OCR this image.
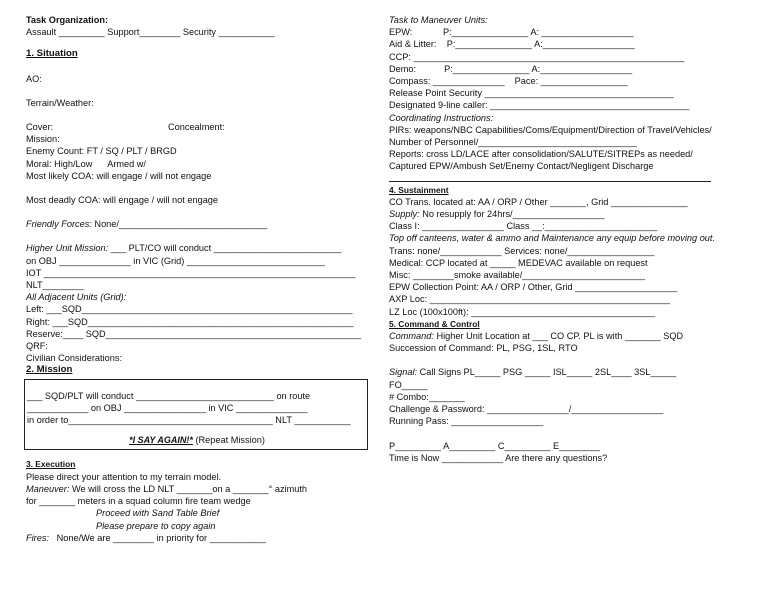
Task Organization:
Assault _________ Support________ Security ___________
1. Situation
AO:
Terrain/Weather:
Cover:	Concealment:
Mission:
Enemy Count: FT / SQ / PLT / BRGD
Moral: High/Low      Armed w/
Most likely COA: will engage / will not engage
Most deadly COA: will engage / will not engage
Friendly Forces: None/_____________________________
Higher Unit Mission: ___ PLT/CO will conduct _________________________
on OBJ ______________ in VIC (Grid) ___________________________
IOT _____________________________________________________________
NLT________
All Adjacent Units (Grid):
Left: ___SQD_____________________________________________________
Right: ___SQD____________________________________________________
Reserve:____ SQD__________________________________________________
QRF:
Civilian Considerations:
2. Mission
___ SQD/PLT will conduct ___________________________ on route
____________ on OBJ ________________ in VIC ______________
in order to________________________________________ NLT ___________
*I SAY AGAIN!* (Repeat Mission)
3. Execution
Please direct your attention to my terrain model.
Maneuver: We will cross the LD NLT _______on a _______° azimuth
for _______ meters in a squad column fire team wedge
Proceed with Sand Table Brief
Please prepare to copy again
Fires:   None/We are ________ in priority for ___________
Task to Maneuver Units:
EPW:            P:_______________ A: __________________
Aid & Litter:    P:_______________ A:__________________
CCP: _____________________________________________________
Demo:           P:_______________ A:__________________
Compass: ______________    Pace: _________________
Release Point Security _____________________________________
Designated 9-line caller: _______________________________________
Coordinating Instructions:
PIRs: weapons/NBC Capabilities/Coms/Equipment/Direction of Travel/Vehicles/
Number of Personnel/_______________________________
Reports: cross LD/LACE after consolidation/SALUTE/SITREPs as needed/
Captured EPW/Ambush Set/Enemy Contact/Negligent Discharge
4. Sustainment
CO Trans. located at: AA / ORP / Other _______, Grid _______________
Supply: No resupply for 24hrs/__________________
Class I: ________________ Class __:______________________
Top off canteens, water & ammo and Maintenance any equip before moving out.
Trans: none/____________ Services: none/_________________
Medical: CCP located at _____ MEDEVAC available on request
Misc: ________smoke available/________________________
EPW Collection Point: AA / ORP / Other, Grid ____________________
AXP Loc: _______________________________________________
LZ Loc (100x100ft): ____________________________________
5. Command & Control
Command: Higher Unit Location at ___ CO CP. PL is with _______ SQD
Succession of Command: PL, PSG, 1SL, RTO
Signal: Call Signs PL_____ PSG _____ ISL_____ 2SL____ 3SL_____
FO_____
# Combo:_______
Challenge & Password: ________________/__________________
Running Pass: __________________
P_________ A_________ C_________ E________
Time is Now ____________ Are there any questions?
